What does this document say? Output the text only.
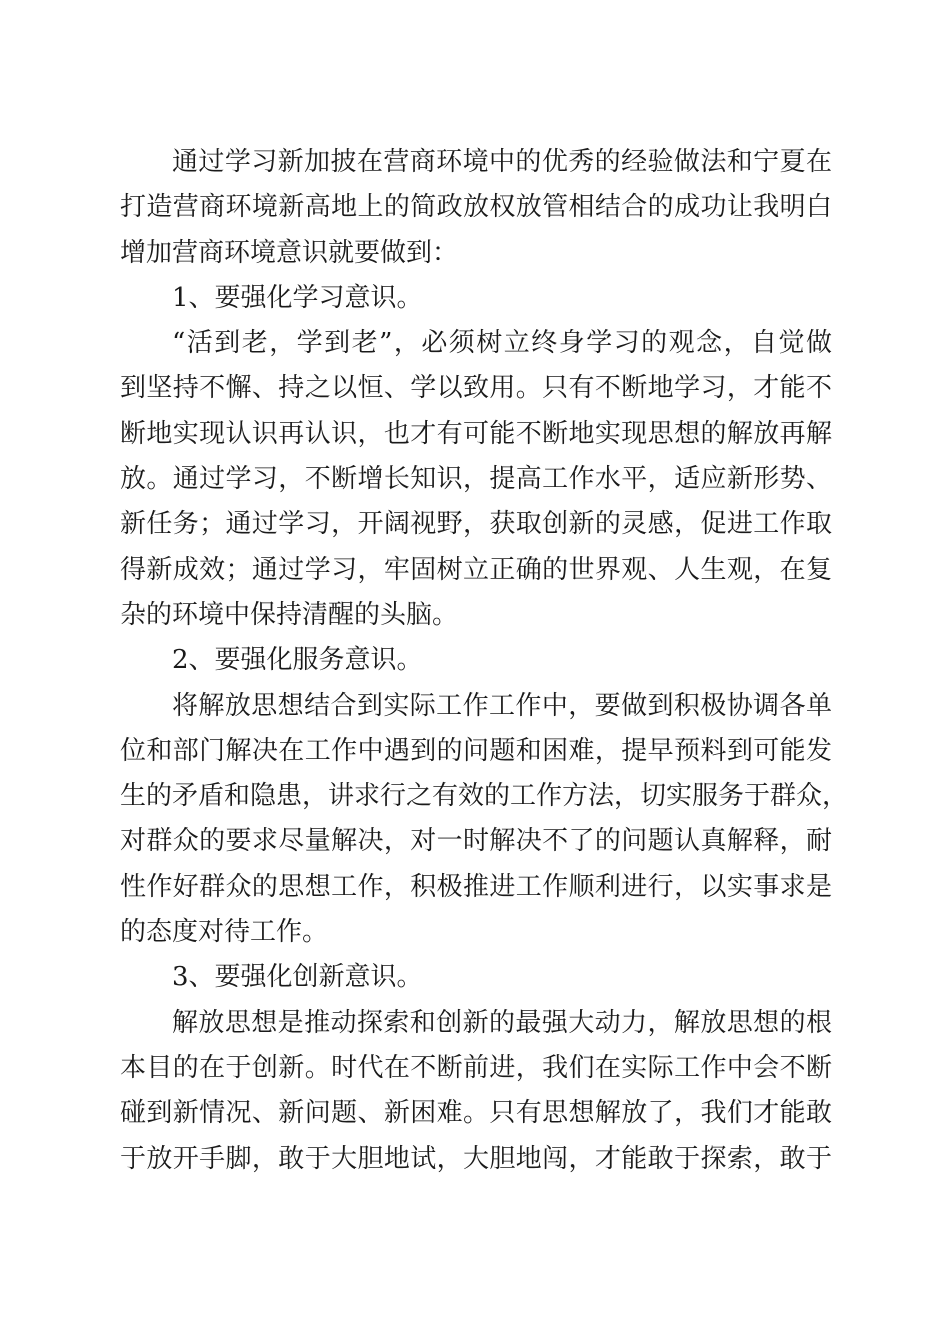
通过学习新加披在营商环境中的优秀的经验做法和宁夏在
打造营商环境新高地上的简政放权放管相结合的成功让我明白
增加营商环境意识就要做到：
1、要强化学习意识。
“活到老，学到老”，必须树立终身学习的观念，自觉做
到坚持不懈、持之以恒、学以致用。只有不断地学习，才能不
断地实现认识再认识，也才有可能不断地实现思想的解放再解
放。通过学习，不断增长知识，提高工作水平，适应新形势、
新任务；通过学习，开阔视野，获取创新的灵感，促进工作取
得新成效；通过学习，牢固树立正确的世界观、人生观，在复
杂的环境中保持清醒的头脑。
2、要强化服务意识。
将解放思想结合到实际工作工作中，要做到积极协调各单
位和部门解决在工作中遇到的问题和困难，提早预料到可能发
生的矛盾和隐患，讲求行之有效的工作方法，切实服务于群众，
对群众的要求尽量解决，对一时解决不了的问题认真解释，耐
性作好群众的思想工作，积极推进工作顺利进行，以实事求是
的态度对待工作。
3、要强化创新意识。
解放思想是推动探索和创新的最强大动力，解放思想的根
本目的在于创新。时代在不断前进，我们在实际工作中会不断
碰到新情况、新问题、新困难。只有思想解放了，我们才能敢
于放开手脚，敢于大胆地试，大胆地闯，才能敢于探索，敢于
